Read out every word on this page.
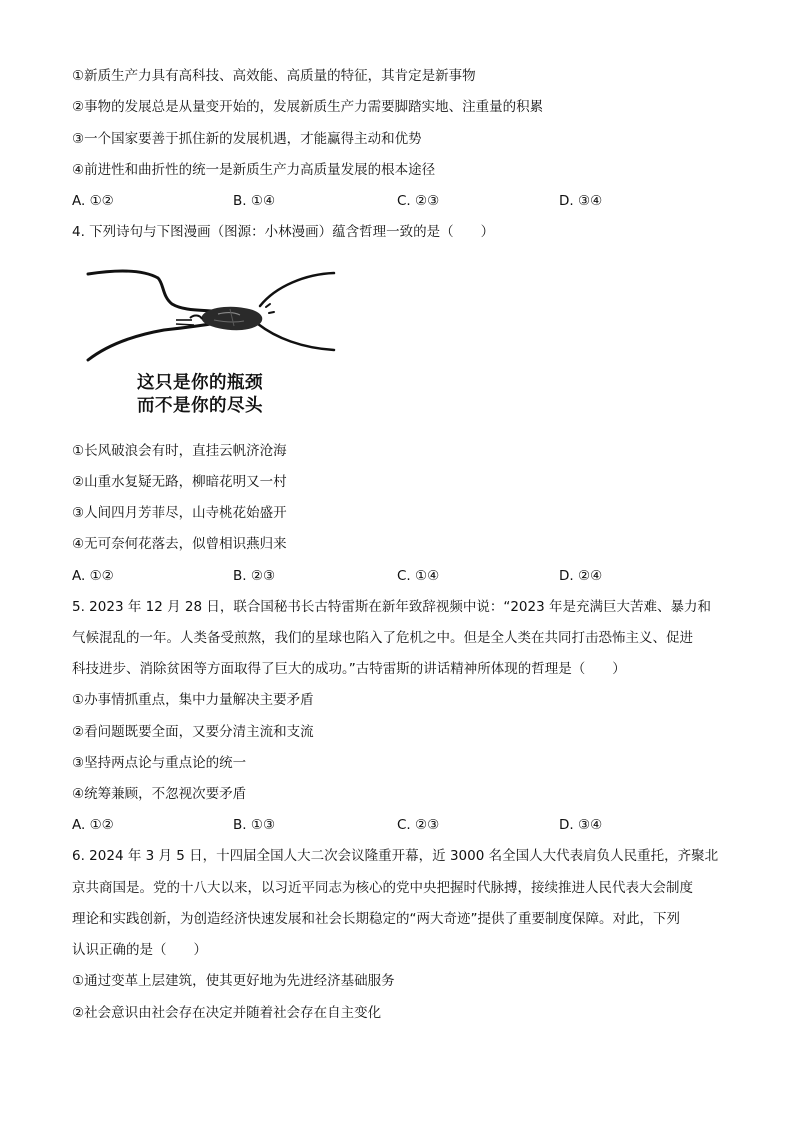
①新质生产力具有高科技、高效能、高质量的特征，其肯定是新事物
②事物的发展总是从量变开始的，发展新质生产力需要脚踏实地、注重量的积累
③一个国家要善于抓住新的发展机遇，才能赢得主动和优势
④前进性和曲折性的统一是新质生产力高质量发展的根本途径
A. ①②	B. ①④	C. ②③	D. ③④
4. 下列诗句与下图漫画（图源：小林漫画）蕴含哲理一致的是（　　）
这只是你的瓶颈
而不是你的尽头
①长风破浪会有时，直挂云帆济沧海
②山重水复疑无路，柳暗花明又一村
③人间四月芳菲尽，山寺桃花始盛开
④无可奈何花落去，似曾相识燕归来
A. ①②	B. ②③	C. ①④	D. ②④
5. 2023 年 12 月 28 日，联合国秘书长古特雷斯在新年致辞视频中说：“2023 年是充满巨大苦难、暴力和
气候混乱的一年。人类备受煎熬，我们的星球也陷入了危机之中。但是全人类在共同打击恐怖主义、促进
科技进步、消除贫困等方面取得了巨大的成功。”古特雷斯的讲话精神所体现的哲理是（　　）
①办事情抓重点，集中力量解决主要矛盾
②看问题既要全面，又要分清主流和支流
③坚持两点论与重点论的统一
④统筹兼顾，不忽视次要矛盾
A. ①②	B. ①③	C. ②③	D. ③④
6. 2024 年 3 月 5 日，十四届全国人大二次会议隆重开幕，近 3000 名全国人大代表肩负人民重托，齐聚北
京共商国是。党的十八大以来，以习近平同志为核心的党中央把握时代脉搏，接续推进人民代表大会制度
理论和实践创新，为创造经济快速发展和社会长期稳定的“两大奇迹”提供了重要制度保障。对此，下列
认识正确的是（　　）
①通过变革上层建筑，使其更好地为先进经济基础服务
②社会意识由社会存在决定并随着社会存在自主变化
